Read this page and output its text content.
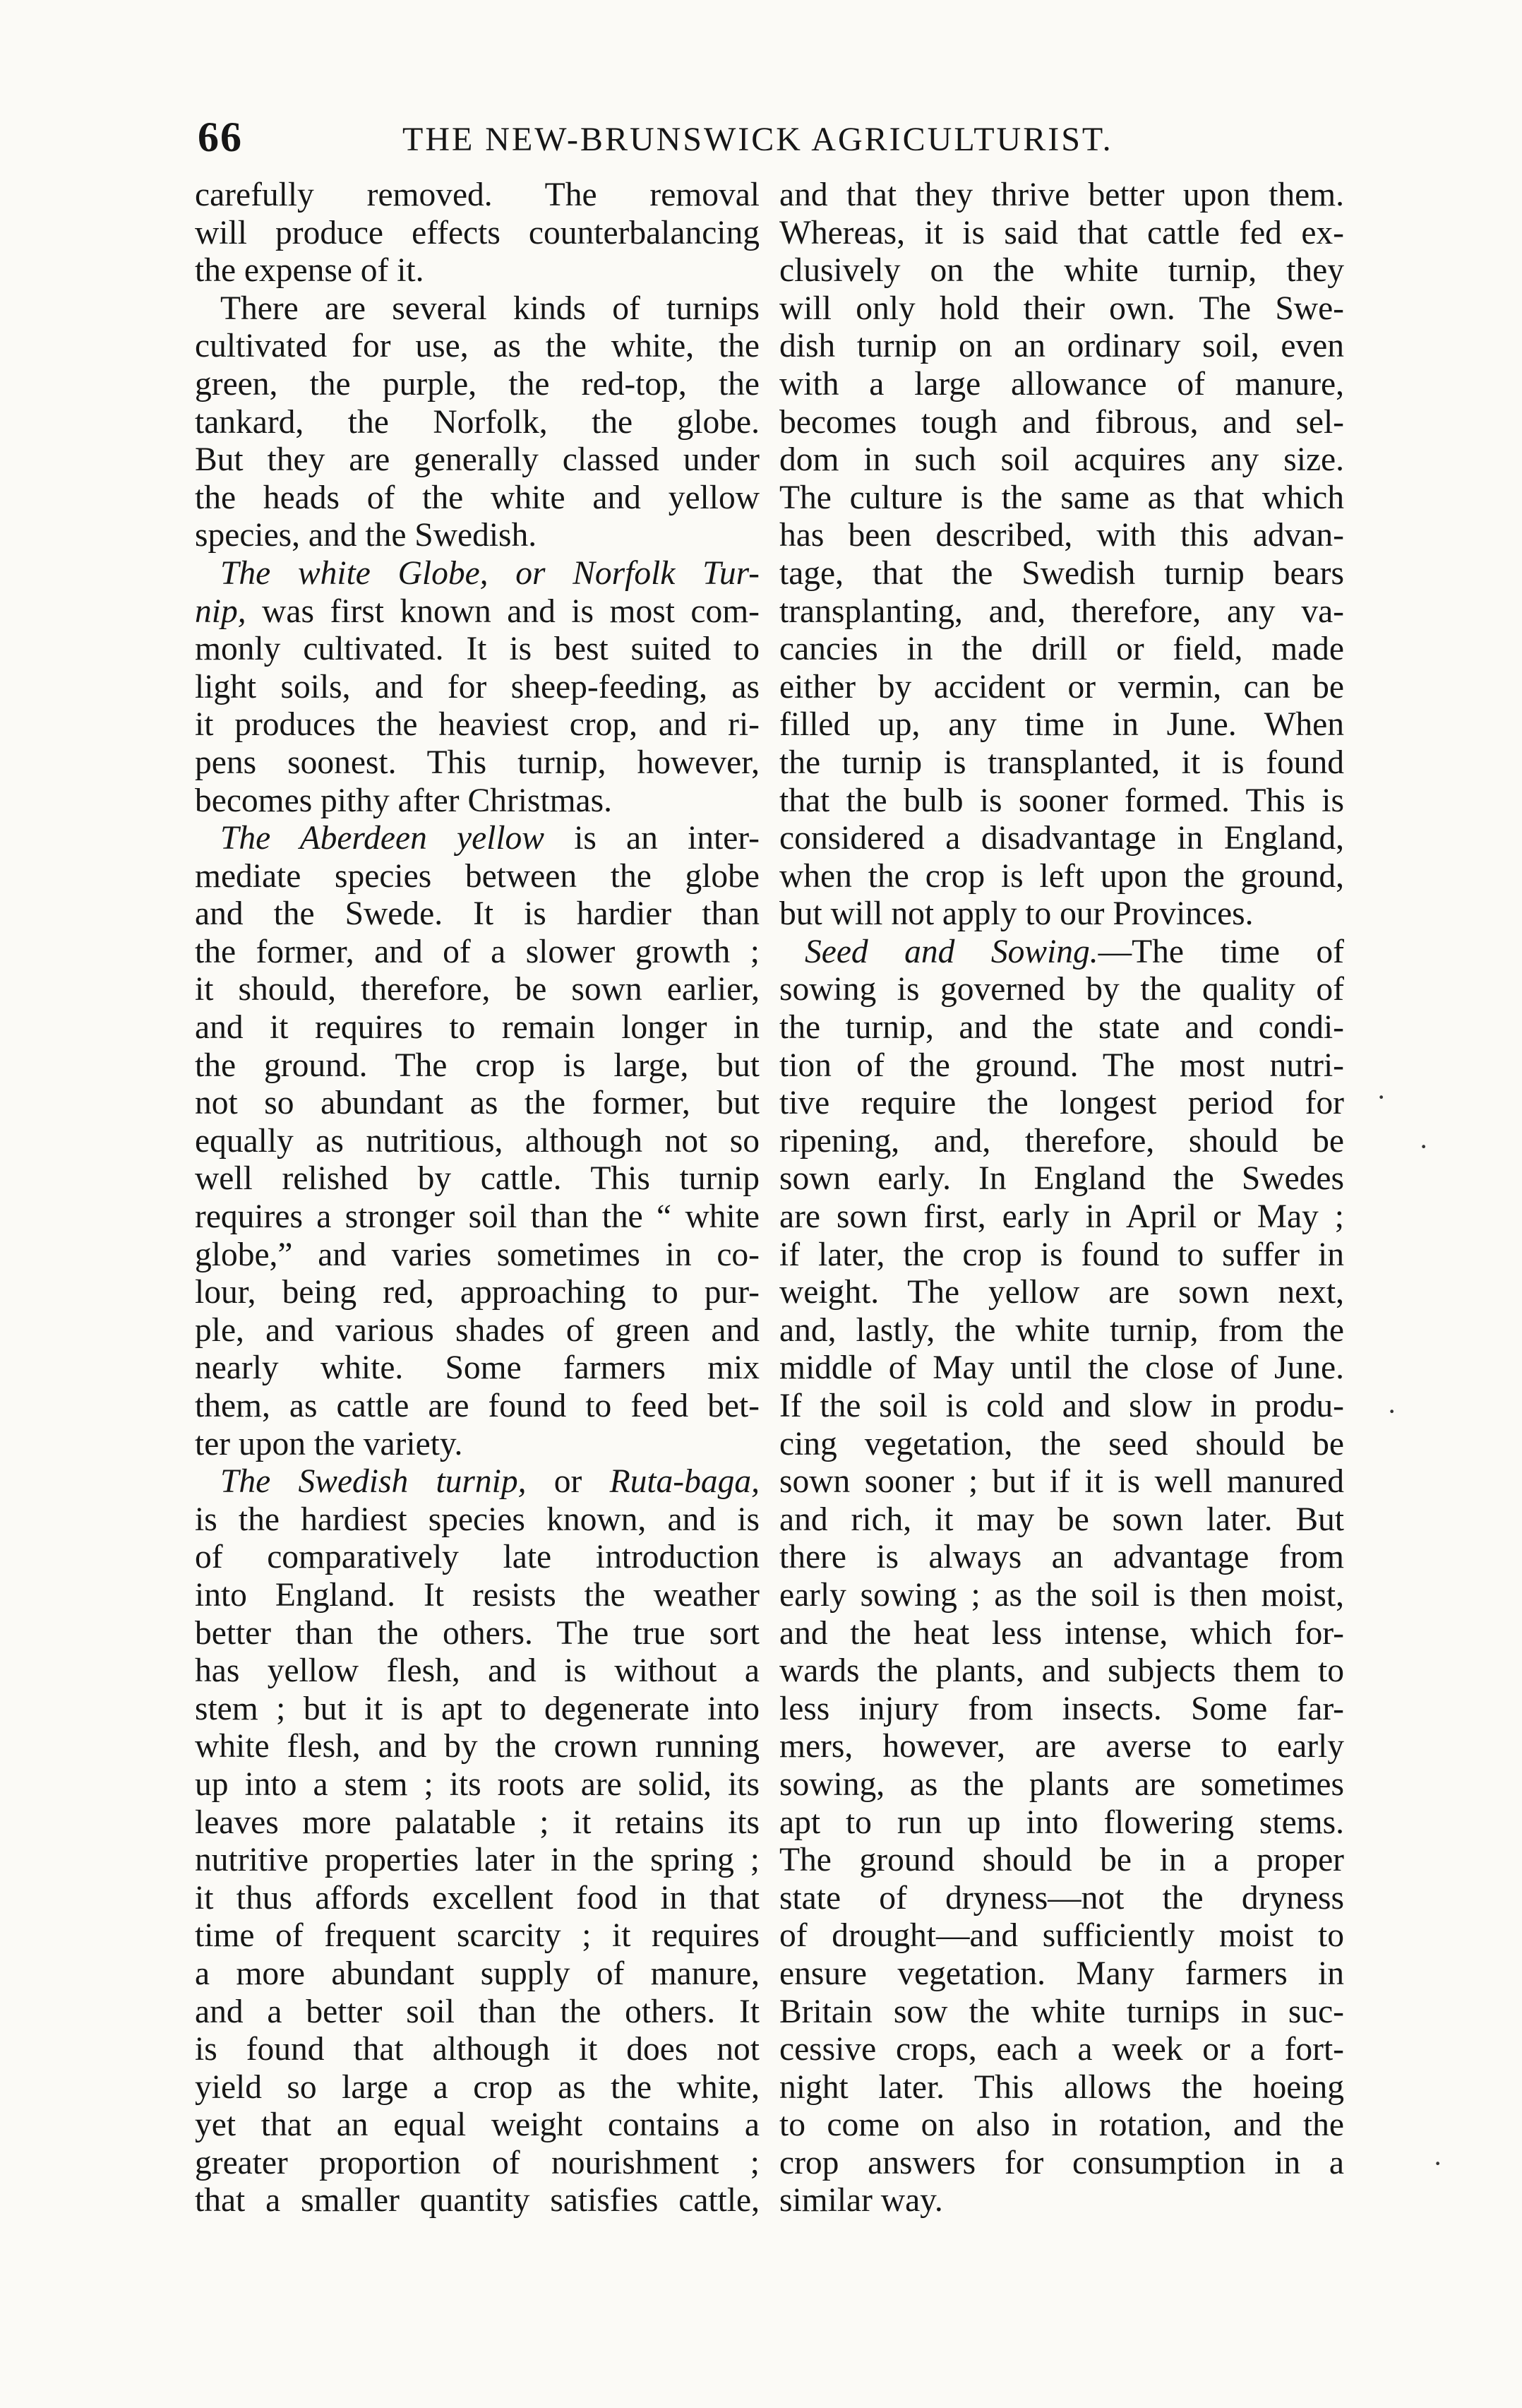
66	THE NEW-BRUNSWICK AGRICULTURIST.
carefully removed. The removal
will produce effects counterbalancing
the expense of it.
There are several kinds of turnips
cultivated for use, as the white, the
green, the purple, the red-top, the
tankard, the Norfolk, the globe.
But they are generally classed under
the heads of the white and yellow
species, and the Swedish.
The white Globe, or Norfolk Tur-
nip, was first known and is most com-
monly cultivated. It is best suited to
light soils, and for sheep-feeding, as
it produces the heaviest crop, and ri-
pens soonest. This turnip, however,
becomes pithy after Christmas.
The Aberdeen yellow is an inter-
mediate species between the globe
and the Swede. It is hardier than
the former, and of a slower growth ;
it should, therefore, be sown earlier,
and it requires to remain longer in
the ground. The crop is large, but
not so abundant as the former, but
equally as nutritious, although not so
well relished by cattle. This turnip
requires a stronger soil than the “ white
globe,” and varies sometimes in co-
lour, being red, approaching to pur-
ple, and various shades of green and
nearly white. Some farmers mix
them, as cattle are found to feed bet-
ter upon the variety.
The Swedish turnip, or Ruta-baga,
is the hardiest species known, and is
of comparatively late introduction
into England. It resists the weather
better than the others. The true sort
has yellow flesh, and is without a
stem ; but it is apt to degenerate into
white flesh, and by the crown running
up into a stem ; its roots are solid, its
leaves more palatable ; it retains its
nutritive properties later in the spring ;
it thus affords excellent food in that
time of frequent scarcity ; it requires
a more abundant supply of manure,
and a better soil than the others. It
is found that although it does not
yield so large a crop as the white,
yet that an equal weight contains a
greater proportion of nourishment ;
that a smaller quantity satisfies cattle,
and that they thrive better upon them.
Whereas, it is said that cattle fed ex-
clusively on the white turnip, they
will only hold their own. The Swe-
dish turnip on an ordinary soil, even
with a large allowance of manure,
becomes tough and fibrous, and sel-
dom in such soil acquires any size.
The culture is the same as that which
has been described, with this advan-
tage, that the Swedish turnip bears
transplanting, and, therefore, any va-
cancies in the drill or field, made
either by accident or vermin, can be
filled up, any time in June. When
the turnip is transplanted, it is found
that the bulb is sooner formed. This is
considered a disadvantage in England,
when the crop is left upon the ground,
but will not apply to our Provinces.
Seed and Sowing.—The time of
sowing is governed by the quality of
the turnip, and the state and condi-
tion of the ground. The most nutri-
tive require the longest period for
ripening, and, therefore, should be
sown early. In England the Swedes
are sown first, early in April or May ;
if later, the crop is found to suffer in
weight. The yellow are sown next,
and, lastly, the white turnip, from the
middle of May until the close of June.
If the soil is cold and slow in produ-
cing vegetation, the seed should be
sown sooner ; but if it is well manured
and rich, it may be sown later. But
there is always an advantage from
early sowing ; as the soil is then moist,
and the heat less intense, which for-
wards the plants, and subjects them to
less injury from insects. Some far-
mers, however, are averse to early
sowing, as the plants are sometimes
apt to run up into flowering stems.
The ground should be in a proper
state of dryness—not the dryness
of drought—and sufficiently moist to
ensure vegetation. Many farmers in
Britain sow the white turnips in suc-
cessive crops, each a week or a fort-
night later. This allows the hoeing
to come on also in rotation, and the
crop answers for consumption in a
similar way.
·
·
·
·
